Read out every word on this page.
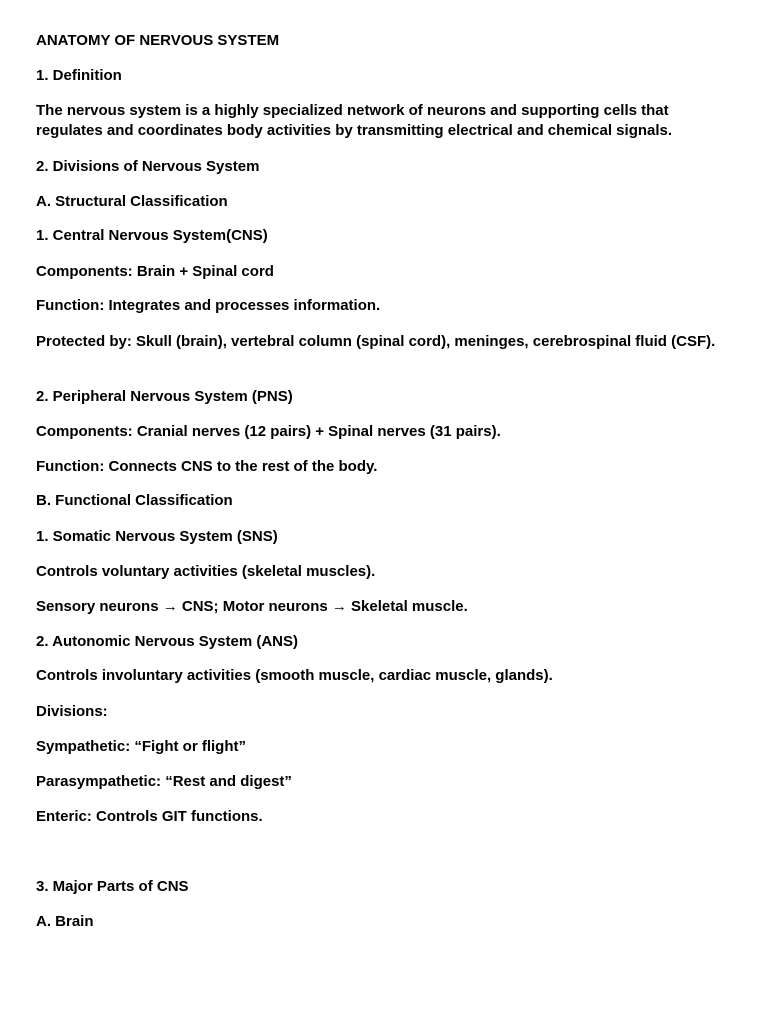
ANATOMY OF NERVOUS SYSTEM

1. Definition

The nervous system is a highly specialized network of neurons and supporting cells that regulates and coordinates body activities by transmitting electrical and chemical signals.

2. Divisions of Nervous System

A. Structural Classification

1. Central Nervous System(CNS)

Components: Brain + Spinal cord

Function: Integrates and processes information.

Protected by: Skull (brain), vertebral column (spinal cord), meninges, cerebrospinal fluid (CSF).

2. Peripheral Nervous System (PNS)

Components: Cranial nerves (12 pairs) + Spinal nerves (31 pairs).

Function: Connects CNS to the rest of the body.

B. Functional Classification

1. Somatic Nervous System (SNS)

Controls voluntary activities (skeletal muscles).

Sensory neurons → CNS; Motor neurons → Skeletal muscle.

2. Autonomic Nervous System (ANS)

Controls involuntary activities (smooth muscle, cardiac muscle, glands).

Divisions:

Sympathetic: “Fight or flight”

Parasympathetic: “Rest and digest”

Enteric: Controls GIT functions.

3. Major Parts of CNS

A. Brain
